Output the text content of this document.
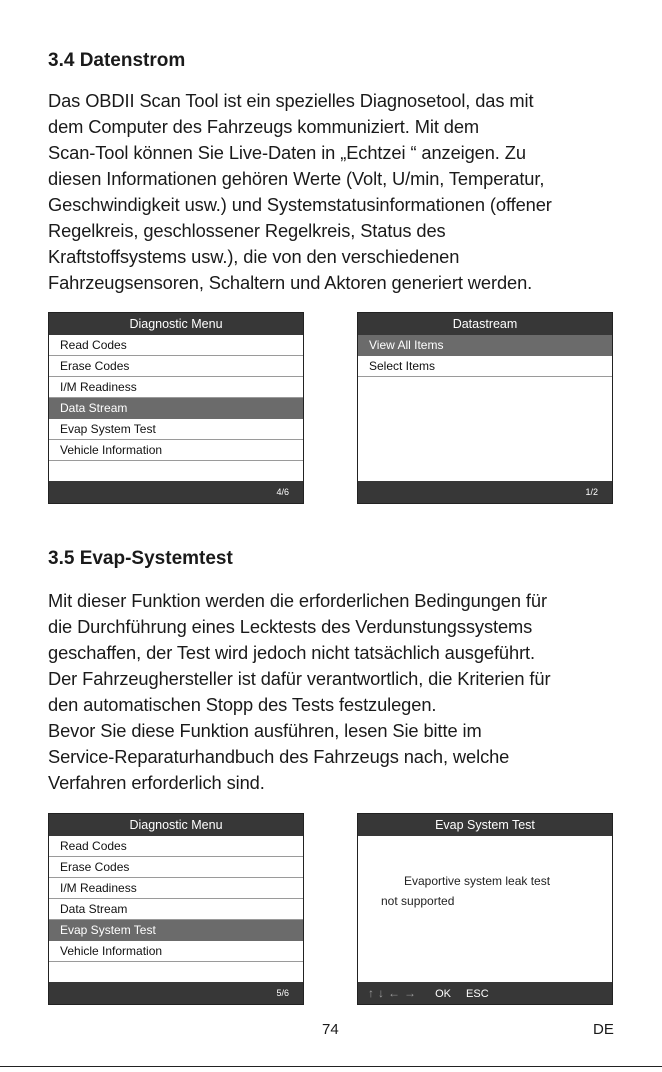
3.4 Datenstrom

Das OBDII Scan Tool ist ein spezielles Diagnosetool, das mit
dem Computer des Fahrzeugs kommuniziert. Mit dem
Scan-Tool können Sie Live-Daten in „Echtzei “ anzeigen. Zu
diesen Informationen gehören Werte (Volt, U/min, Temperatur,
Geschwindigkeit usw.) und Systemstatusinformationen (offener
Regelkreis, geschlossener Regelkreis, Status des
Kraftstoffsystems usw.), die von den verschiedenen
Fahrzeugsensoren, Schaltern und Aktoren generiert werden.

Diagnostic Menu
Read Codes
Erase Codes
I/M Readiness
Data Stream
Evap System Test
Vehicle Information
4/6
Datastream
View All Items
Select Items
1/2
3.5 Evap-Systemtest

Mit dieser Funktion werden die erforderlichen Bedingungen für
die Durchführung eines Lecktests des Verdunstungssystems
geschaffen, der Test wird jedoch nicht tatsächlich ausgeführt.
Der Fahrzeughersteller ist dafür verantwortlich, die Kriterien für
den automatischen Stopp des Tests festzulegen.
Bevor Sie diese Funktion ausführen, lesen Sie bitte im
Service-Reparaturhandbuch des Fahrzeugs nach, welche
Verfahren erforderlich sind.

Diagnostic Menu
Read Codes
Erase Codes
I/M Readiness
Data Stream
Evap System Test
Vehicle Information
5/6
Evap System Test
Evaportive system leak test
not supported
↑ ↓ ← → OK ESC
74	DE
